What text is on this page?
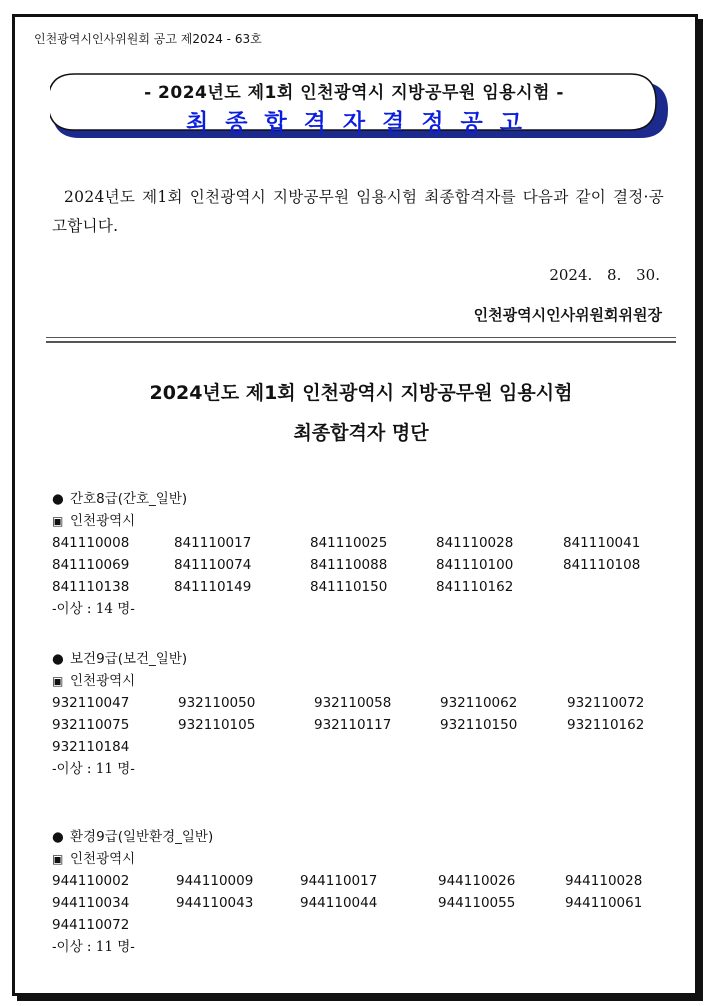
인천광역시인사위원회 공고 제2024 - 63호
- 2024년도 제1회 인천광역시 지방공무원 임용시험 -
최종합격자결정공고
2024년도 제1회 인천광역시 지방공무원 임용시험 최종합격자를 다음과 같이 결정·공고합니다.
2024. 8. 30.
인천광역시인사위원회위원장
2024년도 제1회 인천광역시 지방공무원 임용시험
최종합격자 명단
● 간호8급(간호_일반)
▣ 인천광역시
841110008	841110017	841110025	841110028	841110041
841110069	841110074	841110088	841110100	841110108
841110138	841110149	841110150	841110162
-이상 : 14 명-
● 보건9급(보건_일반)
▣ 인천광역시
932110047	932110050	932110058	932110062	932110072
932110075	932110105	932110117	932110150	932110162
932110184
-이상 : 11 명-
● 환경9급(일반환경_일반)
▣ 인천광역시
944110002	944110009	944110017	944110026	944110028
944110034	944110043	944110044	944110055	944110061
944110072
-이상 : 11 명-
